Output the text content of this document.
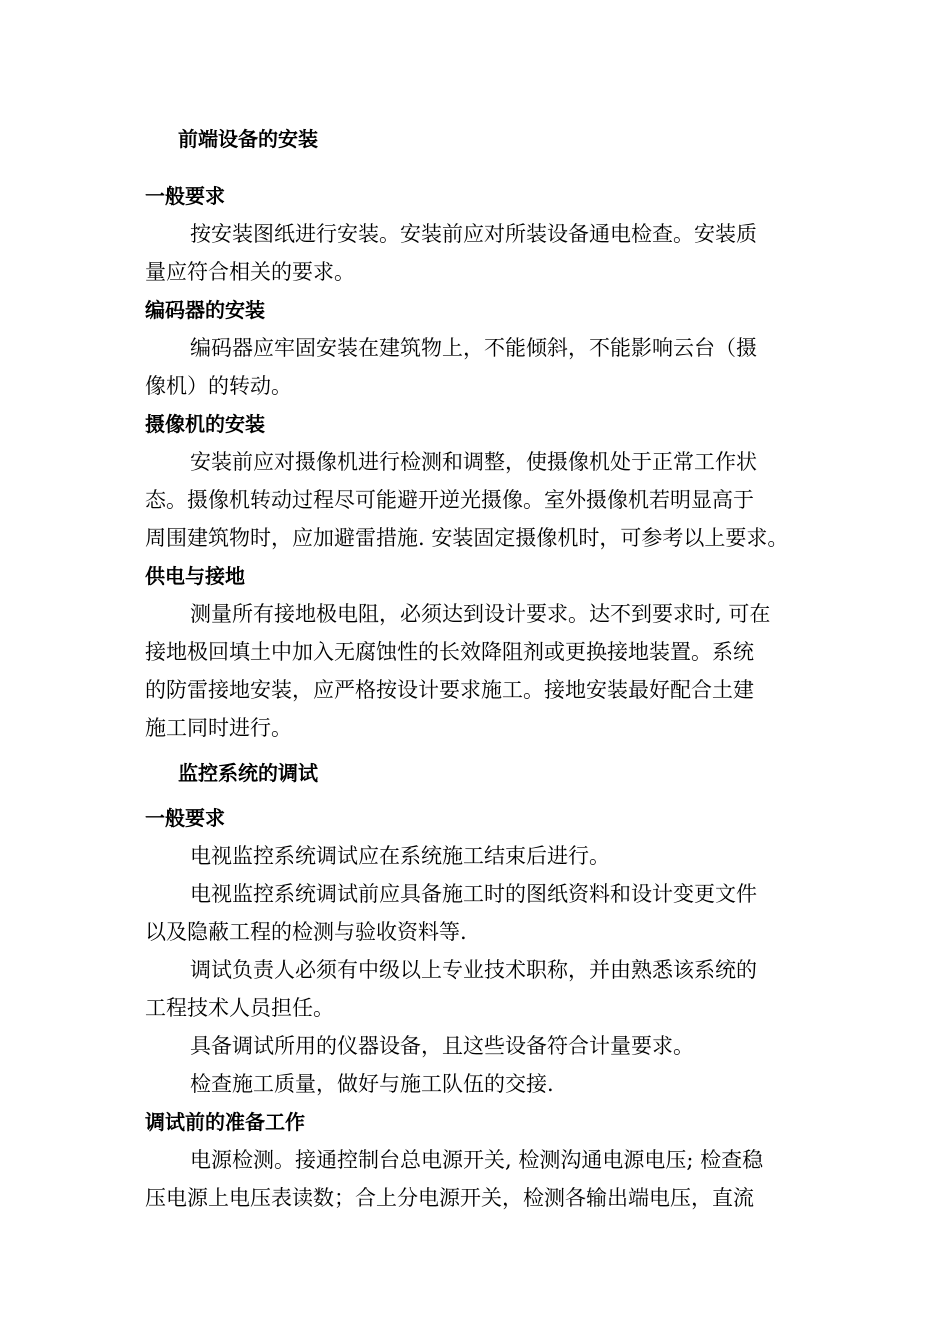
前端设备的安装
一般要求
按安装图纸进行安装。安装前应对所装设备通电检查。安装质
量应符合相关的要求。
编码器的安装
编码器应牢固安装在建筑物上，不能倾斜，不能影响云台（摄
像机）的转动。
摄像机的安装
安装前应对摄像机进行检测和调整，使摄像机处于正常工作状
态。摄像机转动过程尽可能避开逆光摄像。室外摄像机若明显高于
周围建筑物时，应加避雷措施. 安装固定摄像机时，可参考以上要求。
供电与接地
测量所有接地极电阻，必须达到设计要求。达不到要求时, 可在
接地极回填土中加入无腐蚀性的长效降阻剂或更换接地装置。系统
的防雷接地安装，应严格按设计要求施工。接地安装最好配合土建
施工同时进行。
监控系统的调试
一般要求
电视监控系统调试应在系统施工结束后进行。
电视监控系统调试前应具备施工时的图纸资料和设计变更文件
以及隐蔽工程的检测与验收资料等.
调试负责人必须有中级以上专业技术职称，并由熟悉该系统的
工程技术人员担任。
具备调试所用的仪器设备，且这些设备符合计量要求。
检查施工质量，做好与施工队伍的交接.
调试前的准备工作
电源检测。接通控制台总电源开关, 检测沟通电源电压; 检查稳
压电源上电压表读数；合上分电源开关，检测各输出端电压，直流
